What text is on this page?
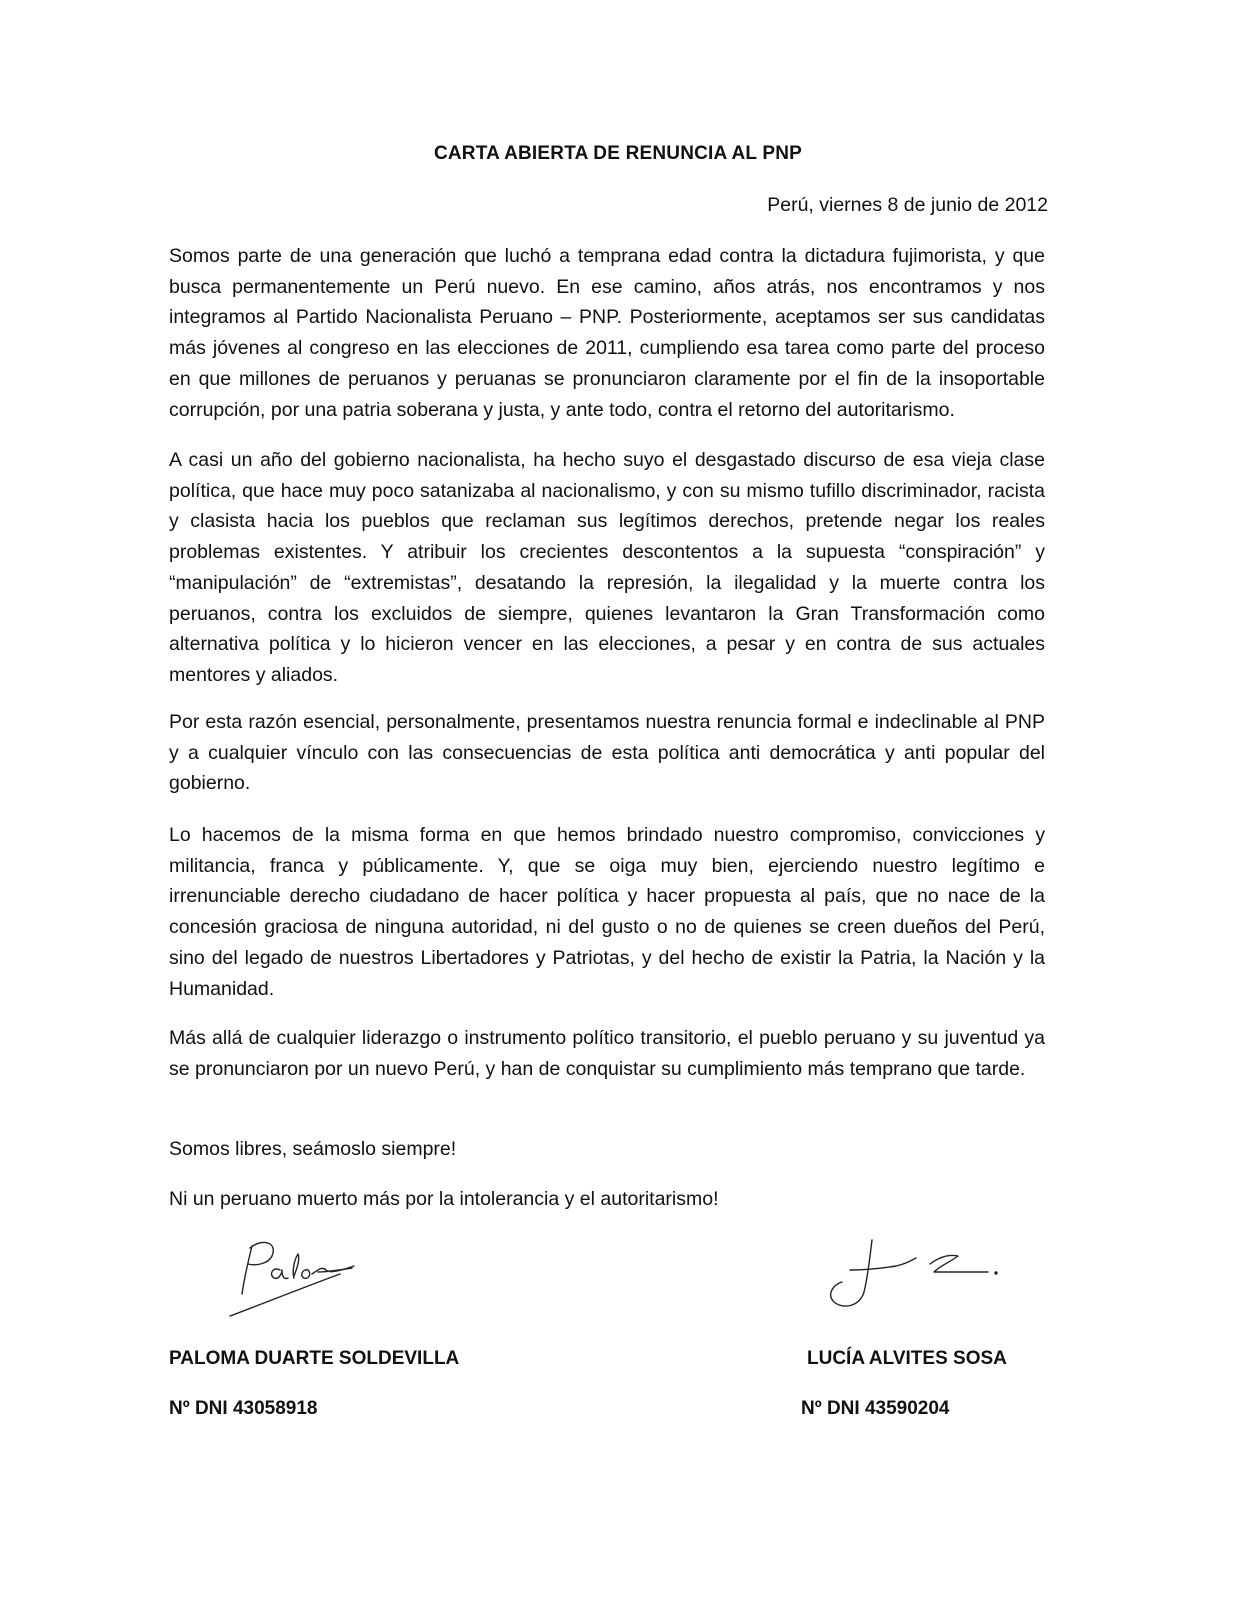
CARTA ABIERTA DE RENUNCIA AL PNP
Perú, viernes 8 de junio de 2012

Somos parte de una generación que luchó a temprana edad contra la dictadura fujimorista, y que busca permanentemente un Perú nuevo. En ese camino, años atrás, nos encontramos y nos integramos al Partido Nacionalista Peruano – PNP. Posteriormente, aceptamos ser sus candidatas más jóvenes al congreso en las elecciones de 2011, cumpliendo esa tarea como parte del proceso en que millones de peruanos y peruanas se pronunciaron claramente por el fin de la insoportable corrupción, por una patria soberana y justa, y ante todo, contra el retorno del autoritarismo.

A casi un año del gobierno nacionalista, ha hecho suyo el desgastado discurso de esa vieja clase política, que hace muy poco satanizaba al nacionalismo, y con su mismo tufillo discriminador, racista y clasista hacia los pueblos que reclaman sus legítimos derechos, pretende negar los reales problemas existentes. Y atribuir los crecientes descontentos a la supuesta “conspiración” y “manipulación” de “extremistas”, desatando la represión, la ilegalidad y la muerte contra los peruanos, contra los excluidos de siempre, quienes levantaron la Gran Transformación como alternativa política y lo hicieron vencer en las elecciones, a pesar y en contra de sus actuales mentores y aliados.

Por esta razón esencial, personalmente, presentamos nuestra renuncia formal e indeclinable al PNP y a cualquier vínculo con las consecuencias de esta política anti democrática y anti popular del gobierno.

Lo hacemos de la misma forma en que hemos brindado nuestro compromiso, convicciones y militancia, franca y públicamente. Y, que se oiga muy bien, ejerciendo nuestro legítimo e irrenunciable derecho ciudadano de hacer política y hacer propuesta al país, que no nace de la concesión graciosa de ninguna autoridad, ni del gusto o no de quienes se creen dueños del Perú, sino del legado de nuestros Libertadores y Patriotas, y del hecho de existir la Patria, la Nación y la Humanidad.

Más allá de cualquier liderazgo o instrumento político transitorio, el pueblo peruano y su juventud ya se pronunciaron por un nuevo Perú, y han de conquistar su cumplimiento más temprano que tarde.

Somos libres, seámoslo siempre!

Ni un peruano muerto más por la intolerancia y el autoritarismo!

PALOMA DUARTE SOLDEVILLA	LUCÍA ALVITES SOSA
Nº DNI 43058918	Nº DNI 43590204
